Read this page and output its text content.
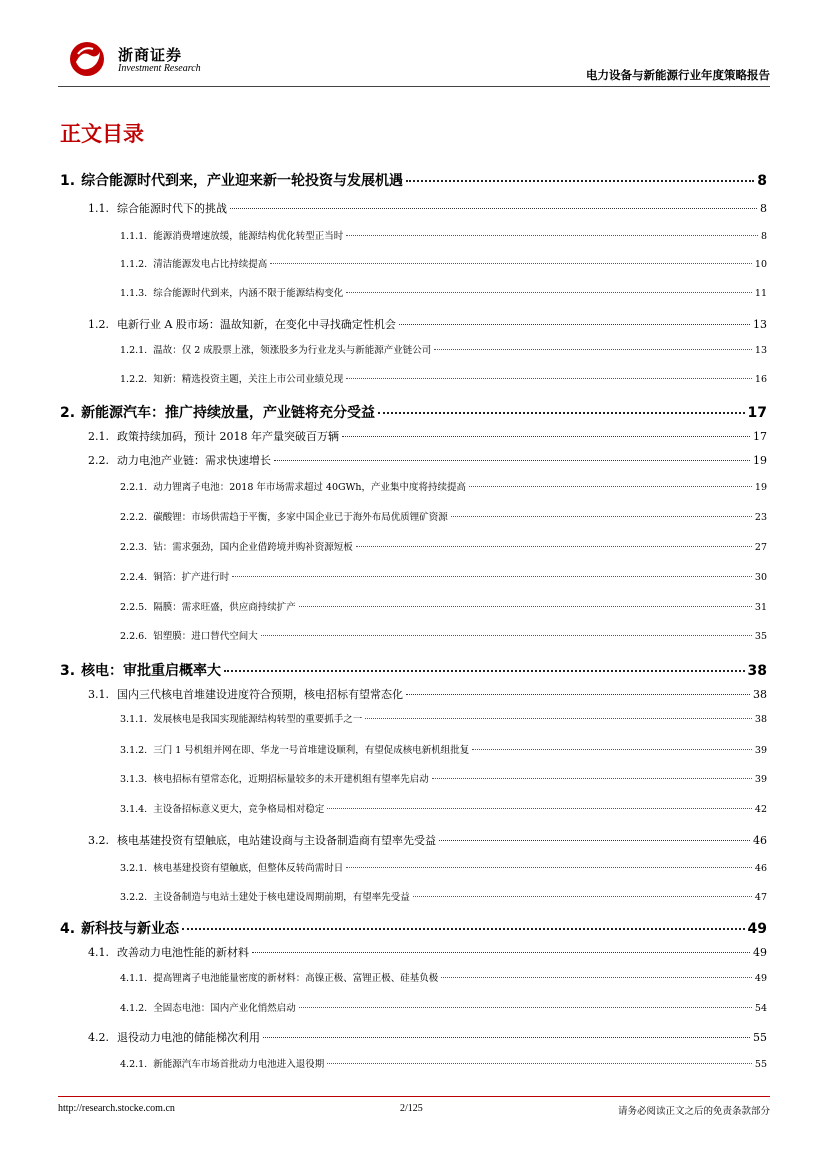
浙商证券
Investment Research	电力设备与新能源行业年度策略报告
正文目录
1. 综合能源时代到来，产业迎来新一轮投资与发展机遇	8
1.1. 综合能源时代下的挑战	8
1.1.1. 能源消费增速放缓，能源结构优化转型正当时	8
1.1.2. 清洁能源发电占比持续提高	10
1.1.3. 综合能源时代到来，内涵不限于能源结构变化	11
1.2. 电新行业 A 股市场：温故知新，在变化中寻找确定性机会	13
1.2.1. 温故：仅 2 成股票上涨，领涨股多为行业龙头与新能源产业链公司	13
1.2.2. 知新：精选投资主题，关注上市公司业绩兑现	16
2. 新能源汽车：推广持续放量，产业链将充分受益	17
2.1. 政策持续加码，预计 2018 年产量突破百万辆	17
2.2. 动力电池产业链：需求快速增长	19
2.2.1. 动力锂离子电池：2018 年市场需求超过 40GWh，产业集中度将持续提高	19
2.2.2. 碳酸锂：市场供需趋于平衡，多家中国企业已于海外布局优质锂矿资源	23
2.2.3. 钴：需求强劲，国内企业借跨境并购补资源短板	27
2.2.4. 铜箔：扩产进行时	30
2.2.5. 隔膜：需求旺盛，供应商持续扩产	31
2.2.6. 铝塑膜：进口替代空间大	35
3. 核电：审批重启概率大	38
3.1. 国内三代核电首堆建设进度符合预期，核电招标有望常态化	38
3.1.1. 发展核电是我国实现能源结构转型的重要抓手之一	38
3.1.2. 三门 1 号机组并网在即、华龙一号首堆建设顺利，有望促成核电新机组批复	39
3.1.3. 核电招标有望常态化，近期招标量较多的未开建机组有望率先启动	39
3.1.4. 主设备招标意义更大，竞争格局相对稳定	42
3.2. 核电基建投资有望触底，电站建设商与主设备制造商有望率先受益	46
3.2.1. 核电基建投资有望触底，但整体反转尚需时日	46
3.2.2. 主设备制造与电站土建处于核电建设周期前期，有望率先受益	47
4. 新科技与新业态	49
4.1. 改善动力电池性能的新材料	49
4.1.1. 提高锂离子电池能量密度的新材料：高镍正极、富锂正极、硅基负极	49
4.1.2. 全固态电池：国内产业化悄然启动	54
4.2. 退役动力电池的储能梯次利用	55
4.2.1. 新能源汽车市场首批动力电池进入退役期	55
http://research.stocke.com.cn	2/125	请务必阅读正文之后的免责条款部分
